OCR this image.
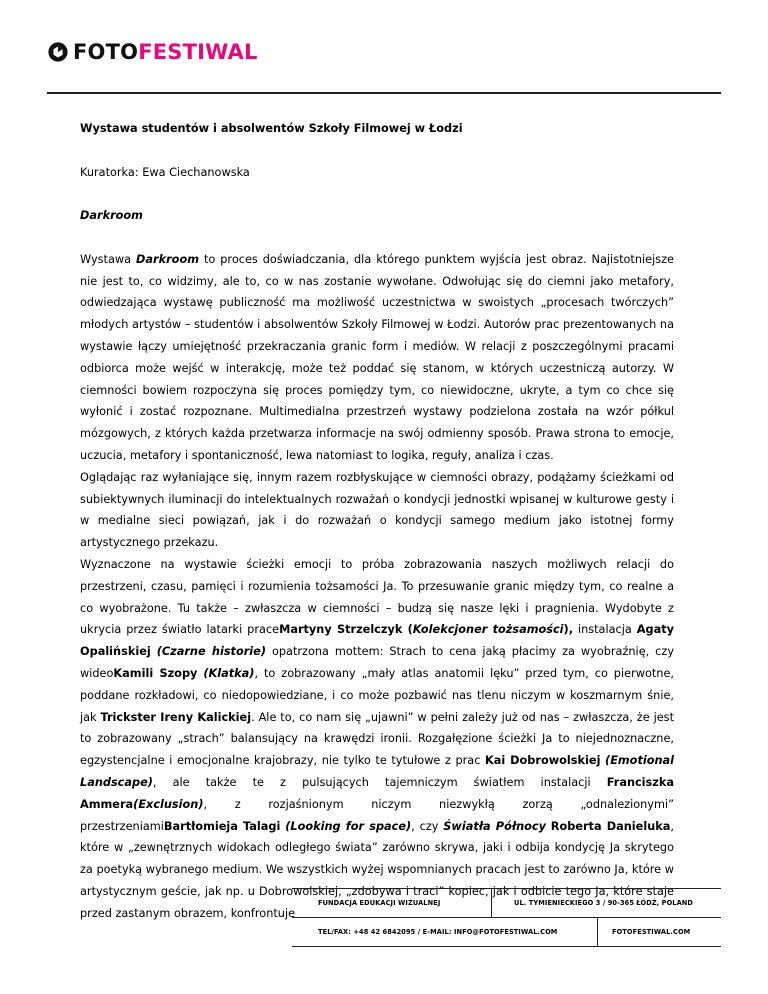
FOTO FESTIWAL

Wystawa studentów i absolwentów Szkoły Filmowej w Łodzi

Kuratorka: Ewa Ciechanowska

Darkroom

Wystawa Darkroom to proces doświadczania, dla którego punktem wyjścia jest obraz. Najistotniejsze nie jest to, co widzimy, ale to, co w nas zostanie wywołane. Odwołując się do ciemni jako metafory, odwiedzająca wystawę publiczność ma możliwość uczestnictwa w swoistych „procesach twórczych” młodych artystów – studentów i absolwentów Szkoły Filmowej w Łodzi. Autorów prac prezentowanych na wystawie łączy umiejętność przekraczania granic form i mediów. W relacji z poszczególnymi pracami odbiorca może wejść w interakcję, może też poddać się stanom, w których uczestniczą autorzy. W ciemności bowiem rozpoczyna się proces pomiędzy tym, co niewidoczne, ukryte, a tym co chce się wyłonić i zostać rozpoznane. Multimedialna przestrzeń wystawy podzielona została na wzór półkul mózgowych, z których każda przetwarza informacje na swój odmienny sposób. Prawa strona to emocje, uczucia, metafory i spontaniczność, lewa natomiast to logika, reguły, analiza i czas.

Oglądając raz wyłaniające się, innym razem rozbłyskujące w ciemności obrazy, podążamy ścieżkami od subiektywnych iluminacji do intelektualnych rozważań o kondycji jednostki wpisanej w kulturowe gesty i w medialne sieci powiązań, jak i do rozważań o kondycji samego medium jako istotnej formy artystycznego przekazu.

Wyznaczone na wystawie ścieżki emocji to próba zobrazowania naszych możliwych relacji do przestrzeni, czasu, pamięci i rozumienia tożsamości Ja. To przesuwanie granic między tym, co realne a co wyobrażone. Tu także – zwłaszcza w ciemności – budzą się nasze lęki i pragnienia. Wydobyte z ukrycia przez światło latarki praceMartyny Strzelczyk (Kolekcjoner tożsamości), instalacja Agaty Opalińskiej (Czarne historie) opatrzona mottem: Strach to cena jaką płacimy za wyobraźnię, czy wideoKamili Szopy (Klatka), to zobrazowany „mały atlas anatomii lęku” przed tym, co pierwotne, poddane rozkładowi, co niedopowiedziane, i co może pozbawić nas tlenu niczym w koszmarnym śnie, jak Trickster Ireny Kalickiej. Ale to, co nam się „ujawni” w pełni zależy już od nas – zwłaszcza, że jest to zobrazowany „strach” balansujący na krawędzi ironii. Rozgałęzione ścieżki Ja to niejednoznaczne, egzystencjalne i emocjonalne krajobrazy, nie tylko te tytułowe z prac Kai Dobrowolskiej (Emotional Landscape), ale także te z pulsujących tajemniczym światłem instalacji Franciszka Ammera(Exclusion), z rozjaśnionym niczym niezwykłą zorzą „odnalezionymi” przestrzeniamiBartłomieja Talagi (Looking for space), czy Światła Północy Roberta Danieluka, które w „zewnętrznych widokach odległego świata” zarówno skrywa, jaki i odbija kondycję Ja skrytego za poetyką wybranego medium. We wszystkich wyżej wspomnianych pracach jest to zarówno Ja, które w artystycznym geście, jak np. u Dobrowolskiej, „zdobywa i traci” kopiec, jak i odbicie tego Ja, które staje przed zastanym obrazem, konfrontuje

FUNDACJA EDUKACJI WIZUALNEJ	UL. TYMIENIECKIEGO 3 / 90-365 ŁÓDŹ, POLAND
TEL/FAX: +48 42 6842095 / E-MAIL: INFO@FOTOFESTIWAL.COM	FOTOFESTIWAL.COM
